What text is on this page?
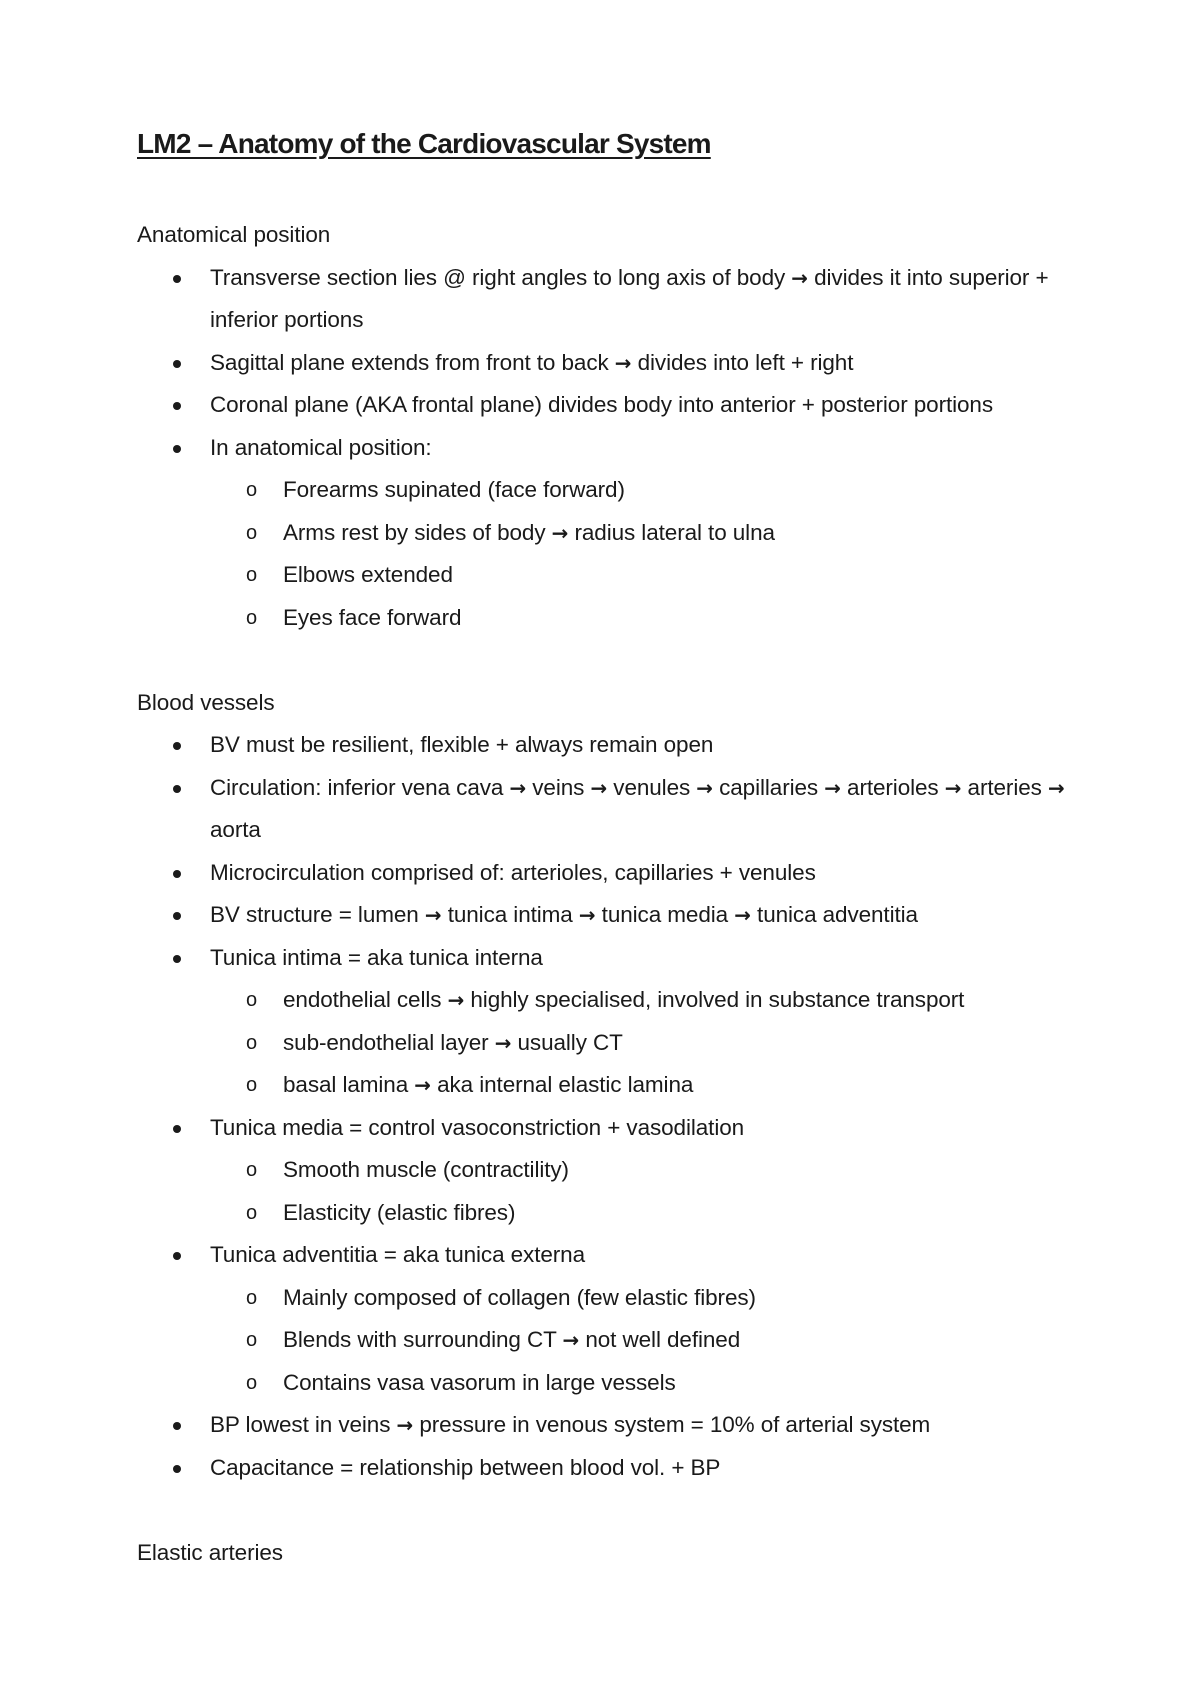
LM2 – Anatomy of the Cardiovascular System
Anatomical position
Transverse section lies @ right angles to long axis of body → divides it into superior + inferior portions
Sagittal plane extends from front to back → divides into left + right
Coronal plane (AKA frontal plane) divides body into anterior + posterior portions
In anatomical position:
o Forearms supinated (face forward)
o Arms rest by sides of body → radius lateral to ulna
o Elbows extended
o Eyes face forward
Blood vessels
BV must be resilient, flexible + always remain open
Circulation: inferior vena cava → veins → venules → capillaries → arterioles → arteries → aorta
Microcirculation comprised of: arterioles, capillaries + venules
BV structure = lumen → tunica intima → tunica media → tunica adventitia
Tunica intima = aka tunica interna
o endothelial cells → highly specialised, involved in substance transport
o sub-endothelial layer → usually CT
o basal lamina → aka internal elastic lamina
Tunica media = control vasoconstriction + vasodilation
o Smooth muscle (contractility)
o Elasticity (elastic fibres)
Tunica adventitia = aka tunica externa
o Mainly composed of collagen (few elastic fibres)
o Blends with surrounding CT → not well defined
o Contains vasa vasorum in large vessels
BP lowest in veins → pressure in venous system = 10% of arterial system
Capacitance = relationship between blood vol. + BP
Elastic arteries
